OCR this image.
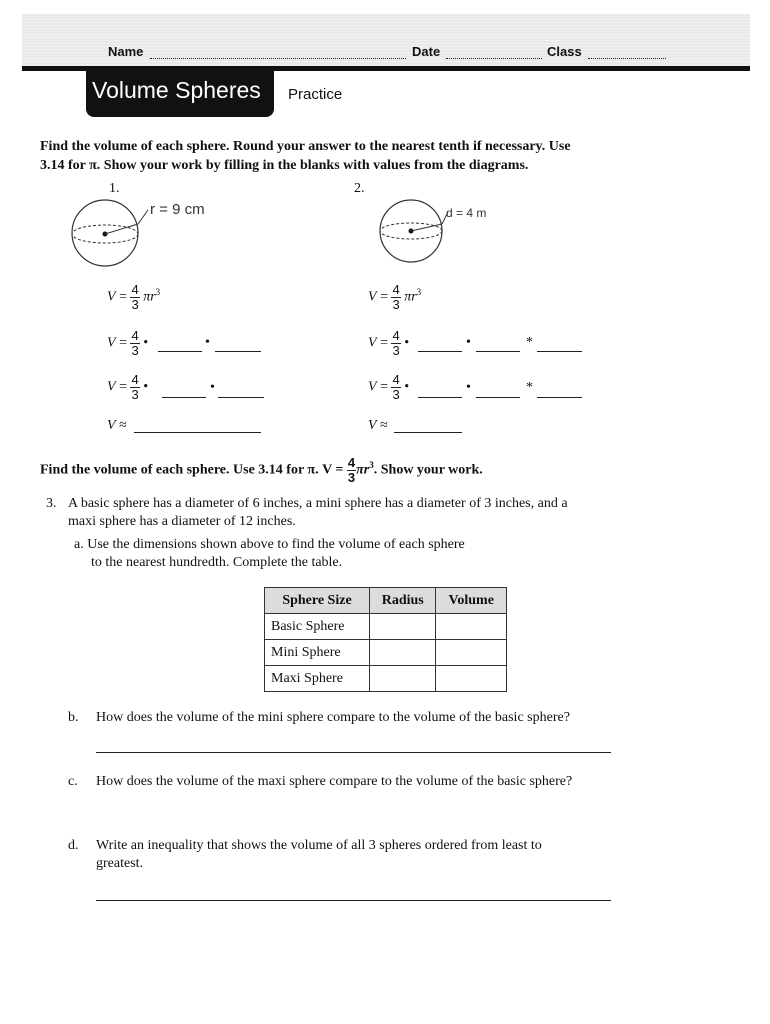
Name	Date	Class
Volume Spheres Practice
Find the volume of each sphere. Round your answer to the nearest tenth if necessary. Use
3.14 for π. Show your work by filling in the blanks with values from the diagrams.
1.
r = 9 cm
$V = \frac{4}{3} \pi r^3$
$V = \frac{4}{3}$ •	•
$V = \frac{4}{3}$ •	•
V ≈
2.
d = 4 m
$V = \frac{4}{3} \pi r^3$
$V = \frac{4}{3}$ •	•	*
$V = \frac{4}{3}$ •	•	*
V ≈
Find the volume of each sphere. Use 3.14 for π. $V = \frac{4}{3} \pi r^3$. Show your work.
3. A basic sphere has a diameter of 6 inches, a mini sphere has a diameter of 3 inches, and a
maxi sphere has a diameter of 12 inches.
a. Use the dimensions shown above to find the volume of each sphere
to the nearest hundredth. Complete the table.
Sphere Size	Radius	Volume
Basic Sphere		
Mini Sphere		
Maxi Sphere		
b. How does the volume of the mini sphere compare to the volume of the basic sphere?
c. How does the volume of the maxi sphere compare to the volume of the basic sphere?
d. Write an inequality that shows the volume of all 3 spheres ordered from least to
greatest.
